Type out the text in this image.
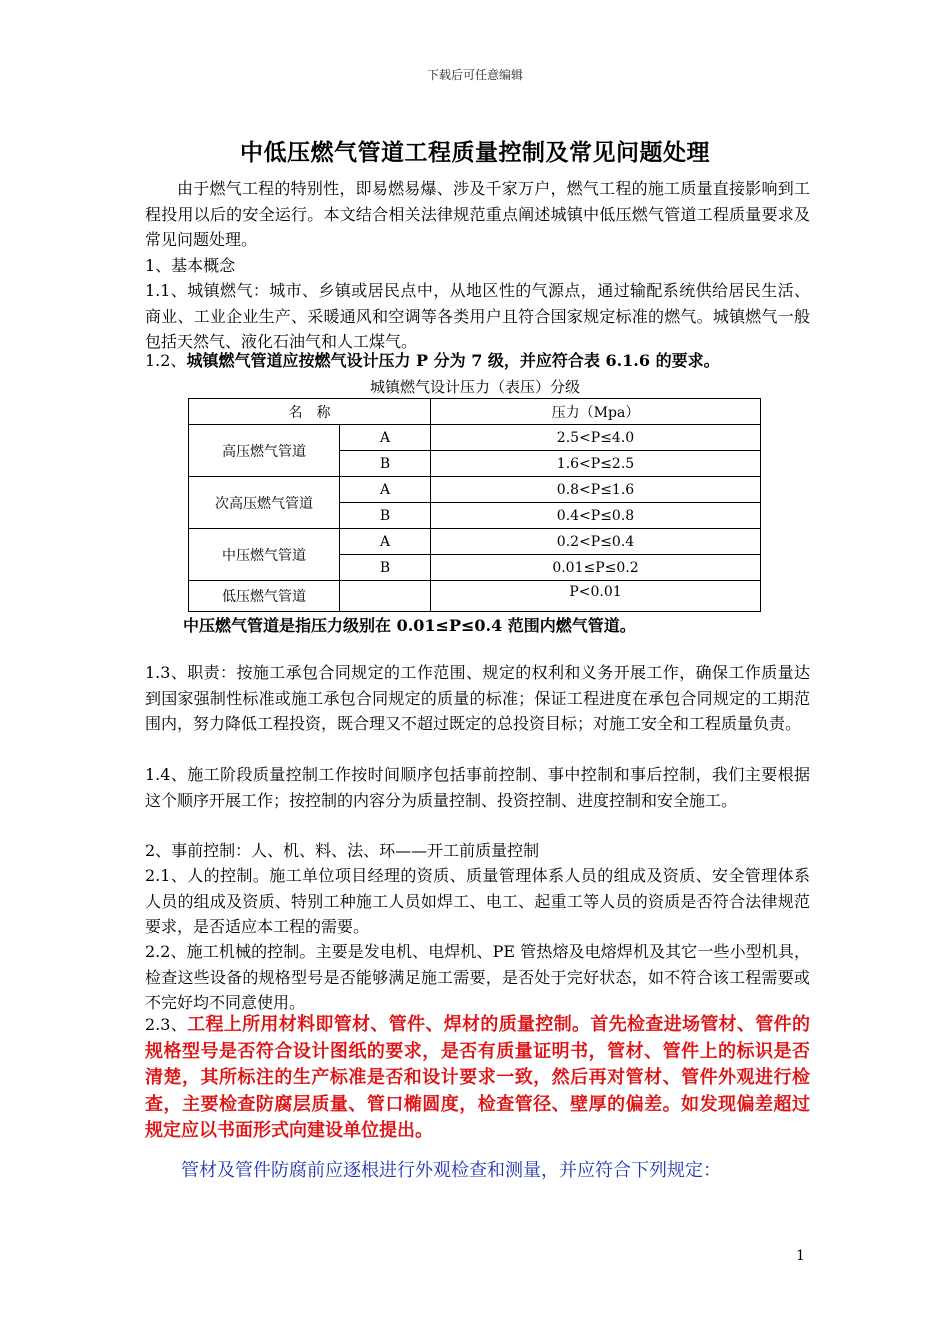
下载后可任意编辑
中低压燃气管道工程质量控制及常见问题处理
由于燃气工程的特别性，即易燃易爆、涉及千家万户，燃气工程的施工质量直接影响到工程投用以后的安全运行。本文结合相关法律规范重点阐述城镇中低压燃气管道工程质量要求及常见问题处理。
1、基本概念
1.1、城镇燃气：城市、乡镇或居民点中，从地区性的气源点，通过输配系统供给居民生活、商业、工业企业生产、采暖通风和空调等各类用户且符合国家规定标准的燃气。城镇燃气一般包括天然气、液化石油气和人工煤气。
1.2、城镇燃气管道应按燃气设计压力 P 分为 7 级，并应符合表 6.1.6 的要求。
城镇燃气设计压力（表压）分级
名　称		压力（Mpa）
高压燃气管道	A	2.5<P≤4.0
	B	1.6<P≤2.5
次高压燃气管道	A	0.8<P≤1.6
	B	0.4<P≤0.8
中压燃气管道	A	0.2<P≤0.4
	B	0.01≤P≤0.2
低压燃气管道		P<0.01
中压燃气管道是指压力级别在 0.01≤P≤0.4 范围内燃气管道。
1.3、职责：按施工承包合同规定的工作范围、规定的权利和义务开展工作，确保工作质量达到国家强制性标准或施工承包合同规定的质量的标准；保证工程进度在承包合同规定的工期范围内，努力降低工程投资，既合理又不超过既定的总投资目标；对施工安全和工程质量负责。
1.4、施工阶段质量控制工作按时间顺序包括事前控制、事中控制和事后控制，我们主要根据这个顺序开展工作；按控制的内容分为质量控制、投资控制、进度控制和安全施工。
2、事前控制：人、机、料、法、环——开工前质量控制
2.1、人的控制。施工单位项目经理的资质、质量管理体系人员的组成及资质、安全管理体系人员的组成及资质、特别工种施工人员如焊工、电工、起重工等人员的资质是否符合法律规范要求，是否适应本工程的需要。
2.2、施工机械的控制。主要是发电机、电焊机、PE 管热熔及电熔焊机及其它一些小型机具，检查这些设备的规格型号是否能够满足施工需要，是否处于完好状态，如不符合该工程需要或不完好均不同意使用。
2.3、工程上所用材料即管材、管件、焊材的质量控制。首先检查进场管材、管件的规格型号是否符合设计图纸的要求，是否有质量证明书，管材、管件上的标识是否清楚，其所标注的生产标准是否和设计要求一致，然后再对管材、管件外观进行检查，主要检查防腐层质量、管口椭圆度，检查管径、壁厚的偏差。如发现偏差超过规定应以书面形式向建设单位提出。
管材及管件防腐前应逐根进行外观检查和测量，并应符合下列规定：
1
